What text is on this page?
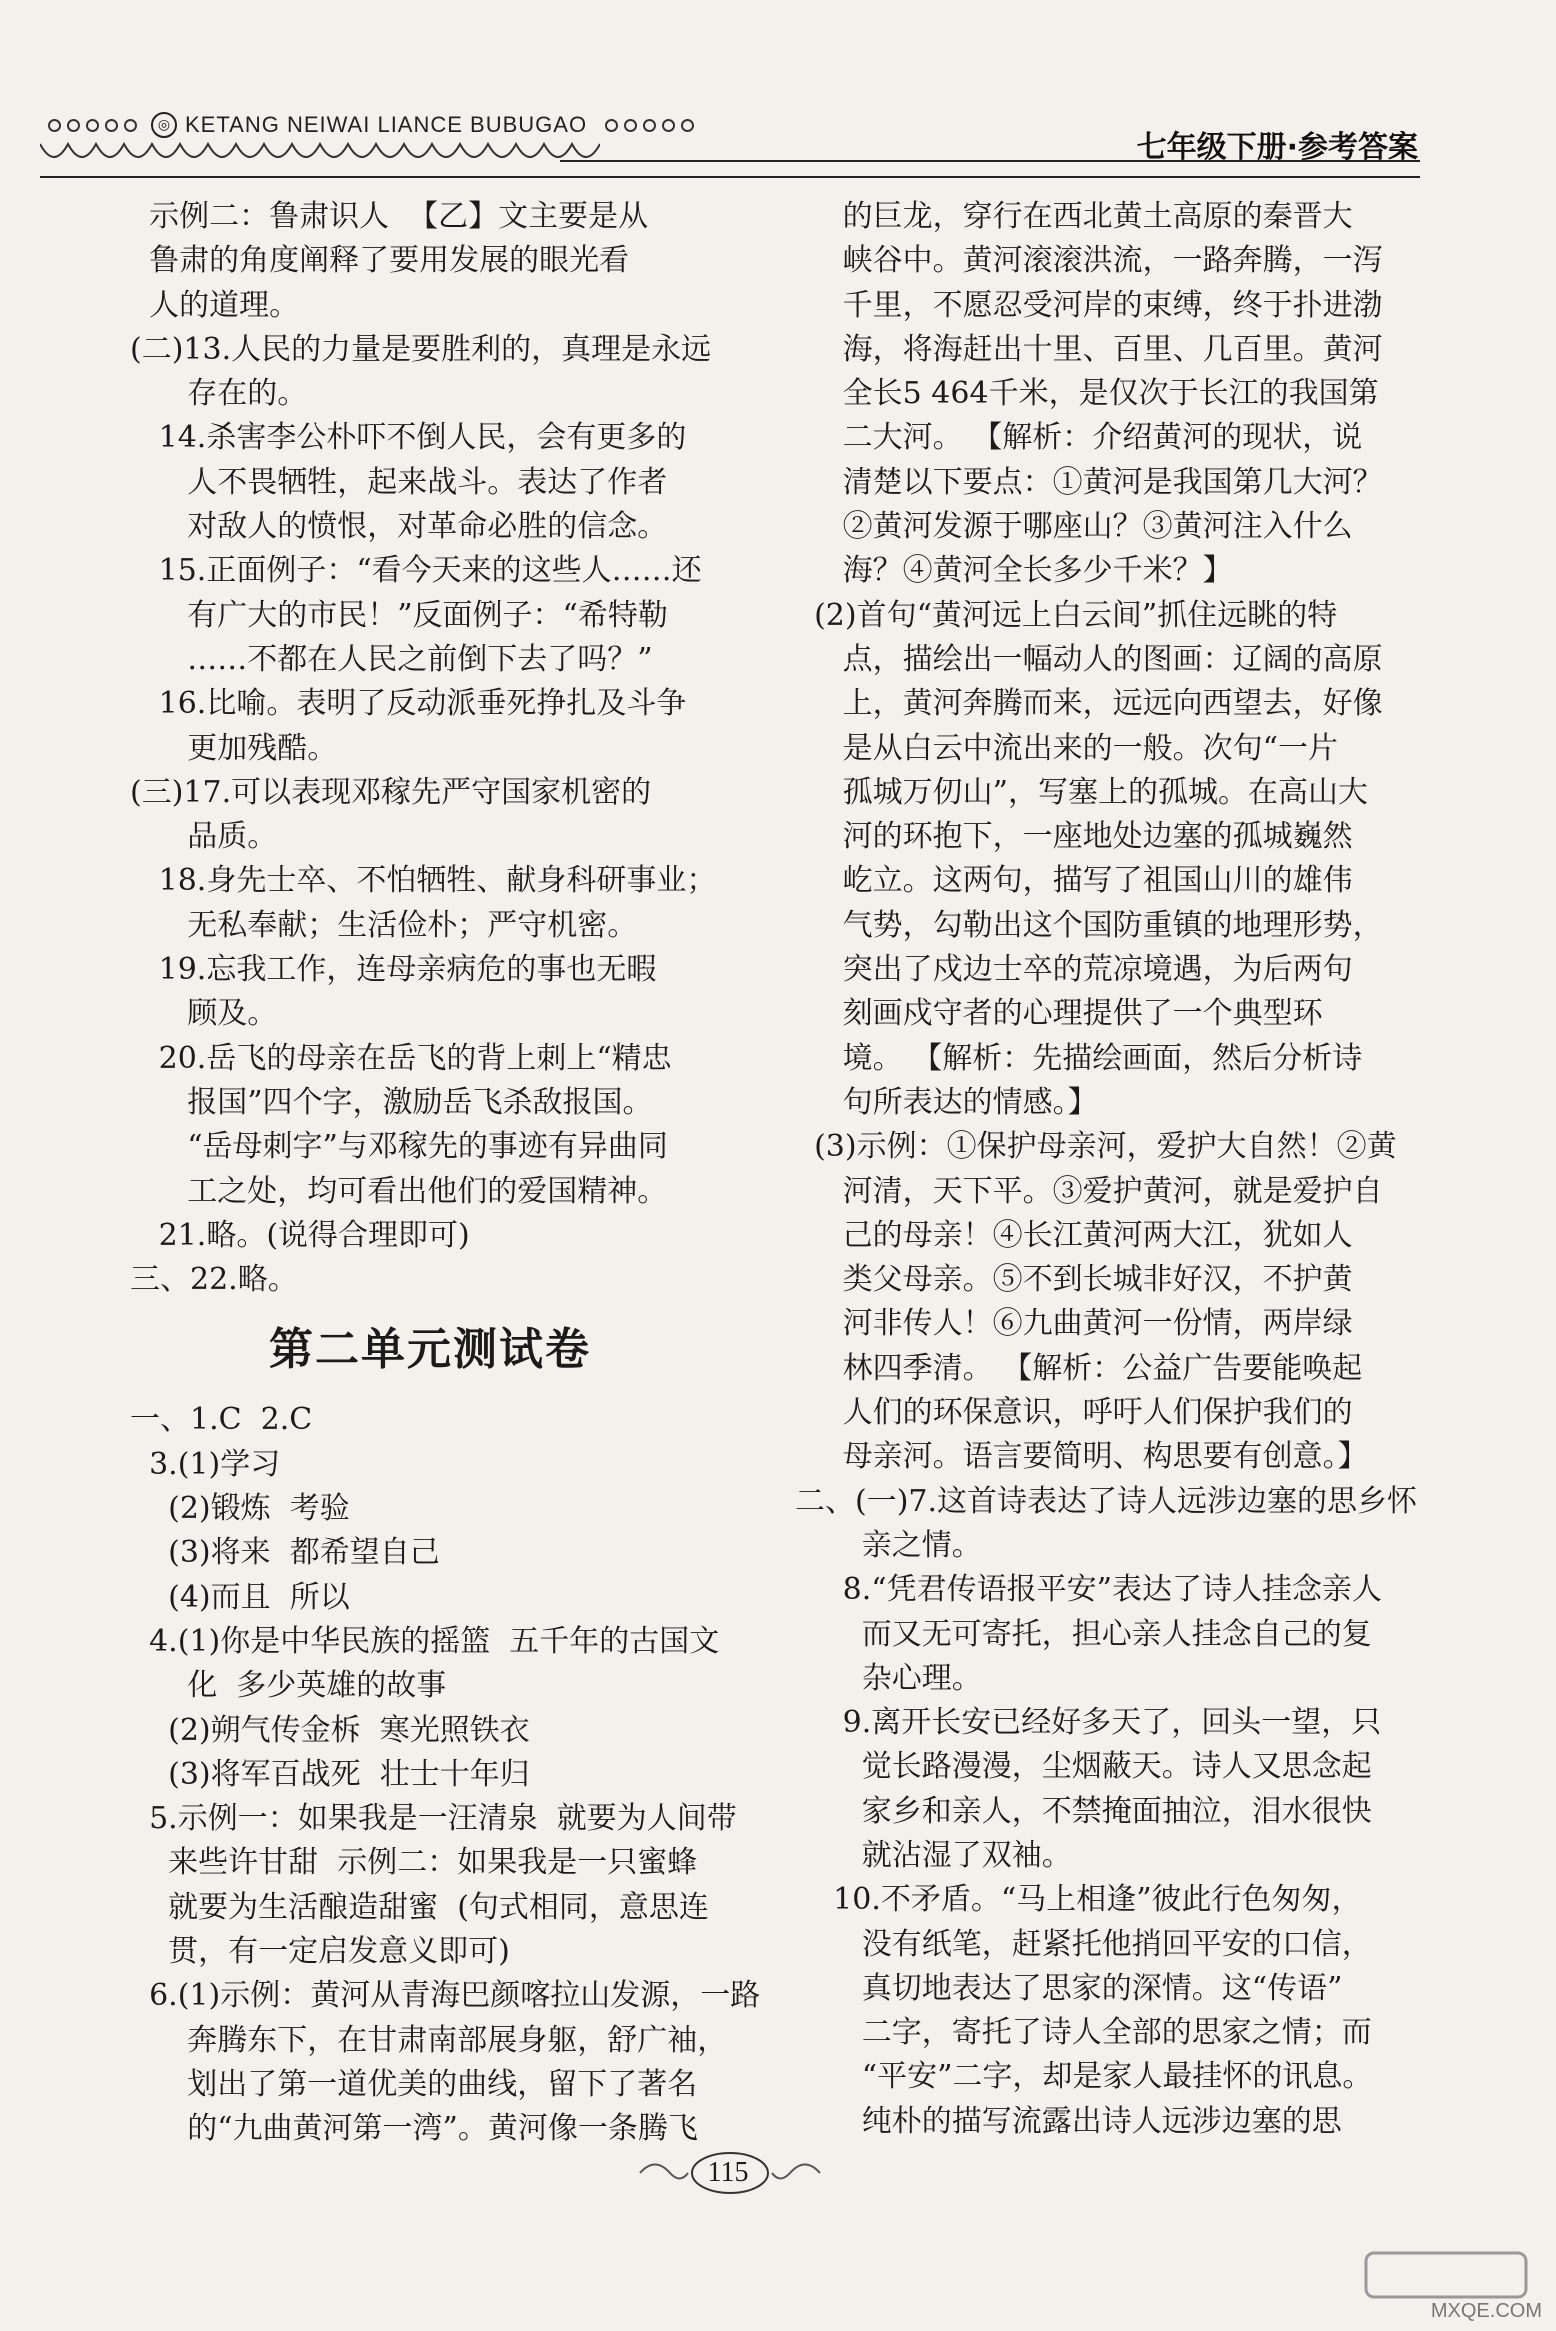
◎ KETANG NEIWAI LIANCE BUBUGAO
七年级下册·参考答案
示例二：鲁肃识人  【乙】文主要是从
鲁肃的角度阐释了要用发展的眼光看
人的道理。
(二)13.人民的力量是要胜利的，真理是永远
存在的。
14.杀害李公朴吓不倒人民，会有更多的
人不畏牺牲，起来战斗。表达了作者
对敌人的愤恨，对革命必胜的信念。
15.正面例子：“看今天来的这些人……还
有广大的市民！”反面例子：“希特勒
……不都在人民之前倒下去了吗？”
16.比喻。表明了反动派垂死挣扎及斗争
更加残酷。
(三)17.可以表现邓稼先严守国家机密的
品质。
18.身先士卒、不怕牺牲、献身科研事业；
无私奉献；生活俭朴；严守机密。
19.忘我工作，连母亲病危的事也无暇
顾及。
20.岳飞的母亲在岳飞的背上刺上“精忠
报国”四个字，激励岳飞杀敌报国。
“岳母刺字”与邓稼先的事迹有异曲同
工之处，均可看出他们的爱国精神。
21.略。(说得合理即可)
三、22.略。
第二单元测试卷
一、1.C  2.C
3.(1)学习
(2)锻炼  考验
(3)将来  都希望自己
(4)而且  所以
4.(1)你是中华民族的摇篮  五千年的古国文
化  多少英雄的故事
(2)朔气传金柝  寒光照铁衣
(3)将军百战死  壮士十年归
5.示例一：如果我是一汪清泉  就要为人间带
来些许甘甜  示例二：如果我是一只蜜蜂
就要为生活酿造甜蜜  (句式相同，意思连
贯，有一定启发意义即可)
6.(1)示例：黄河从青海巴颜喀拉山发源，一路
奔腾东下，在甘肃南部展身躯，舒广袖，
划出了第一道优美的曲线，留下了著名
的“九曲黄河第一湾”。黄河像一条腾飞
的巨龙，穿行在西北黄土高原的秦晋大
峡谷中。黄河滚滚洪流，一路奔腾，一泻
千里，不愿忍受河岸的束缚，终于扑进渤
海，将海赶出十里、百里、几百里。黄河
全长5 464千米，是仅次于长江的我国第
二大河。 【解析：介绍黄河的现状，说
清楚以下要点：①黄河是我国第几大河？
②黄河发源于哪座山？③黄河注入什么
海？④黄河全长多少千米？】
(2)首句“黄河远上白云间”抓住远眺的特
点，描绘出一幅动人的图画：辽阔的高原
上，黄河奔腾而来，远远向西望去，好像
是从白云中流出来的一般。次句“一片
孤城万仞山”，写塞上的孤城。在高山大
河的环抱下，一座地处边塞的孤城巍然
屹立。这两句，描写了祖国山川的雄伟
气势，勾勒出这个国防重镇的地理形势，
突出了戍边士卒的荒凉境遇，为后两句
刻画戍守者的心理提供了一个典型环
境。 【解析：先描绘画面，然后分析诗
句所表达的情感。】
(3)示例：①保护母亲河，爱护大自然！②黄
河清，天下平。③爱护黄河，就是爱护自
己的母亲！④长江黄河两大江，犹如人
类父母亲。⑤不到长城非好汉，不护黄
河非传人！⑥九曲黄河一份情，两岸绿
林四季清。 【解析：公益广告要能唤起
人们的环保意识，呼吁人们保护我们的
母亲河。语言要简明、构思要有创意。】
二、(一)7.这首诗表达了诗人远涉边塞的思乡怀
亲之情。
8.“凭君传语报平安”表达了诗人挂念亲人
而又无可寄托，担心亲人挂念自己的复
杂心理。
9.离开长安已经好多天了，回头一望，只
觉长路漫漫，尘烟蔽天。诗人又思念起
家乡和亲人，不禁掩面抽泣，泪水很快
就沾湿了双袖。
10.不矛盾。“马上相逢”彼此行色匆匆，
没有纸笔，赶紧托他捎回平安的口信，
真切地表达了思家的深情。这“传语”
二字，寄托了诗人全部的思家之情；而
“平安”二字，却是家人最挂怀的讯息。
纯朴的描写流露出诗人远涉边塞的思
115
MXQE.COM
